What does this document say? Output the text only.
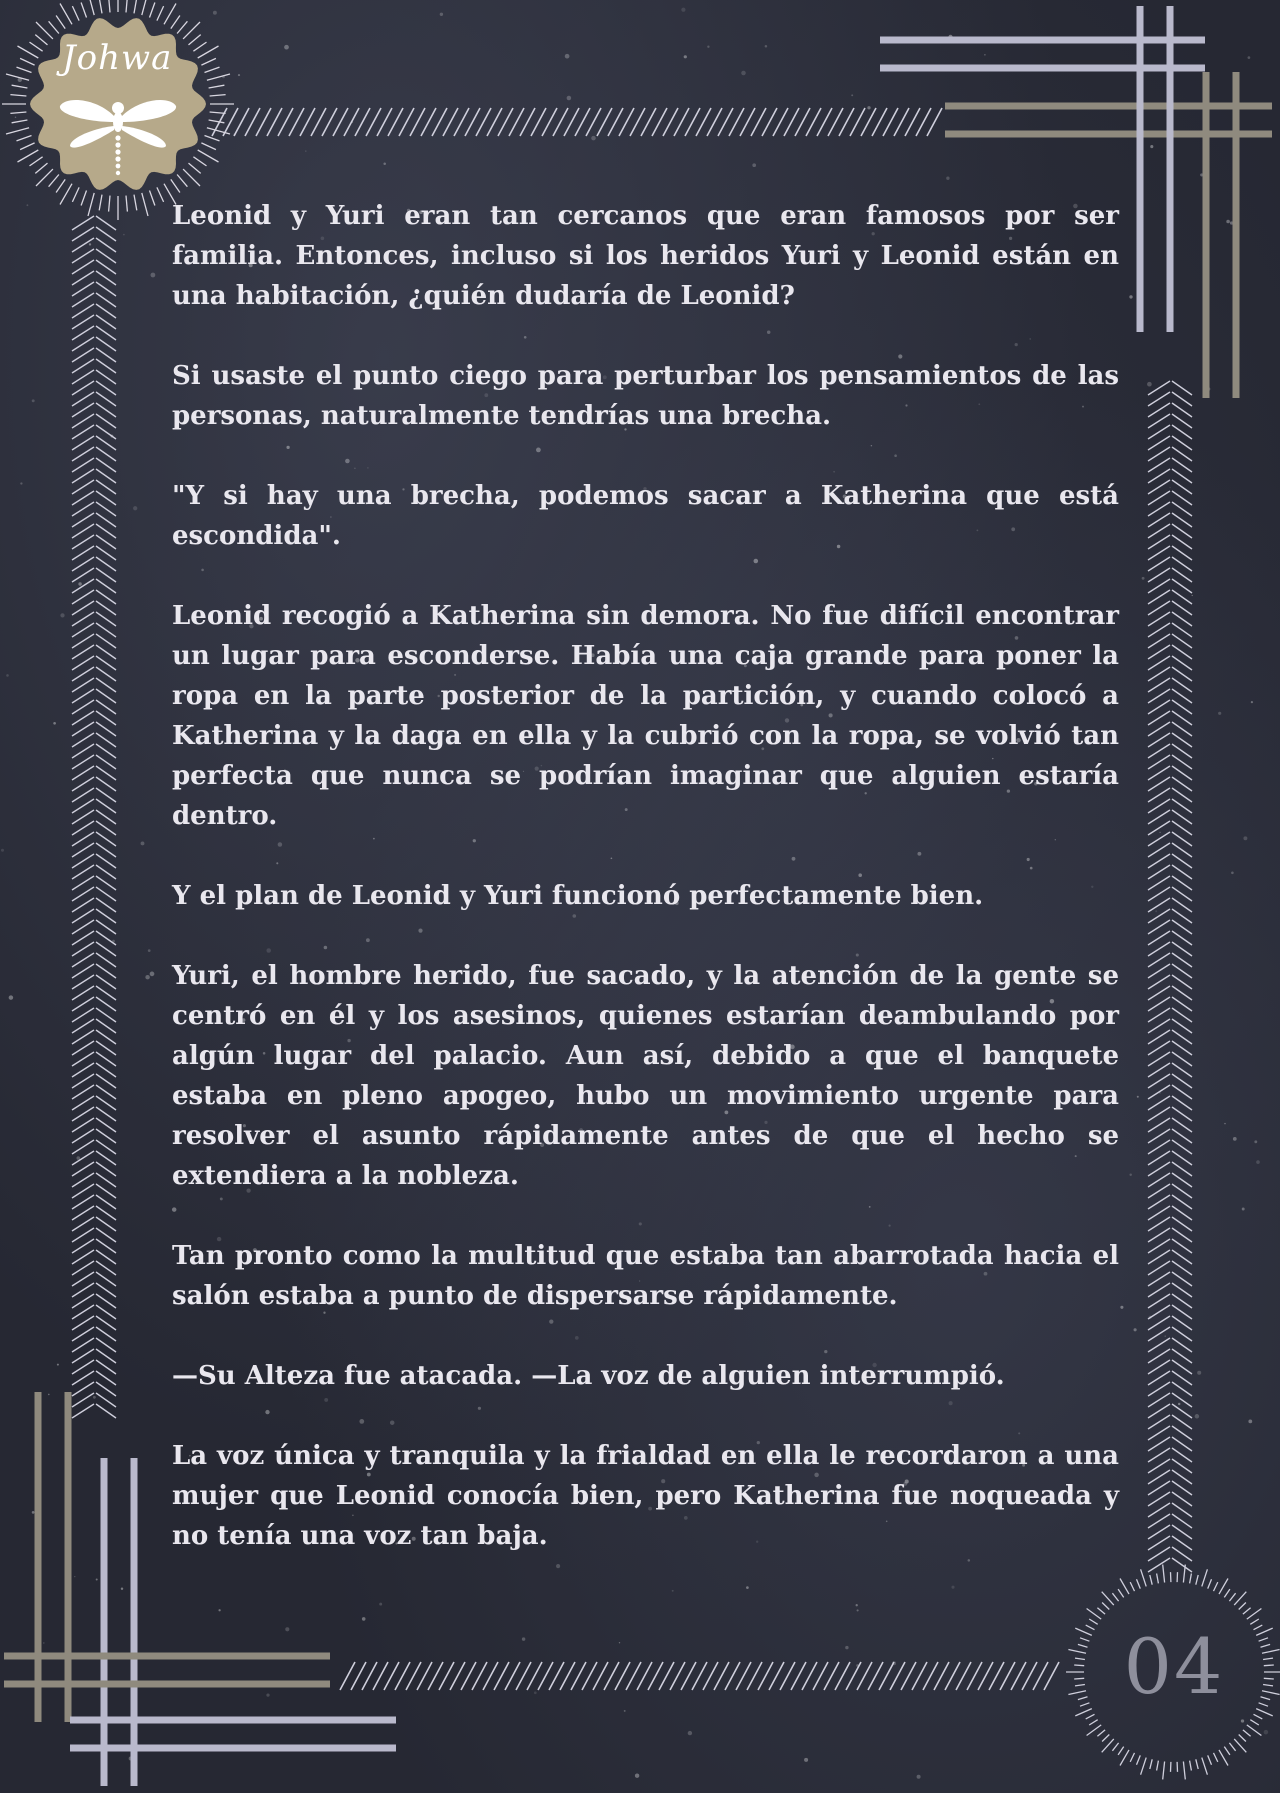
Johwa

Leonid y Yuri eran tan cercanos que eran famosos por ser familia. Entonces, incluso si los heridos Yuri y Leonid están en una habitación, ¿quién dudaría de Leonid?

Si usaste el punto ciego para perturbar los pensamientos de las personas, naturalmente tendrías una brecha.

"Y si hay una brecha, podemos sacar a Katherina que está escondida".

Leonid recogió a Katherina sin demora. No fue difícil encontrar un lugar para esconderse. Había una caja grande para poner la ropa en la parte posterior de la partición, y cuando colocó a Katherina y la daga en ella y la cubrió con la ropa, se volvió tan perfecta que nunca se podrían imaginar que alguien estaría dentro.

Y el plan de Leonid y Yuri funcionó perfectamente bien.

Yuri, el hombre herido, fue sacado, y la atención de la gente se centró en él y los asesinos, quienes estarían deambulando por algún lugar del palacio. Aun así, debido a que el banquete estaba en pleno apogeo, hubo un movimiento urgente para resolver el asunto rápidamente antes de que el hecho se extendiera a la nobleza.

Tan pronto como la multitud que estaba tan abarrotada hacia el salón estaba a punto de dispersarse rápidamente.

—Su Alteza fue atacada. —La voz de alguien interrumpió.

La voz única y tranquila y la frialdad en ella le recordaron a una mujer que Leonid conocía bien, pero Katherina fue noqueada y no tenía una voz tan baja.

04
